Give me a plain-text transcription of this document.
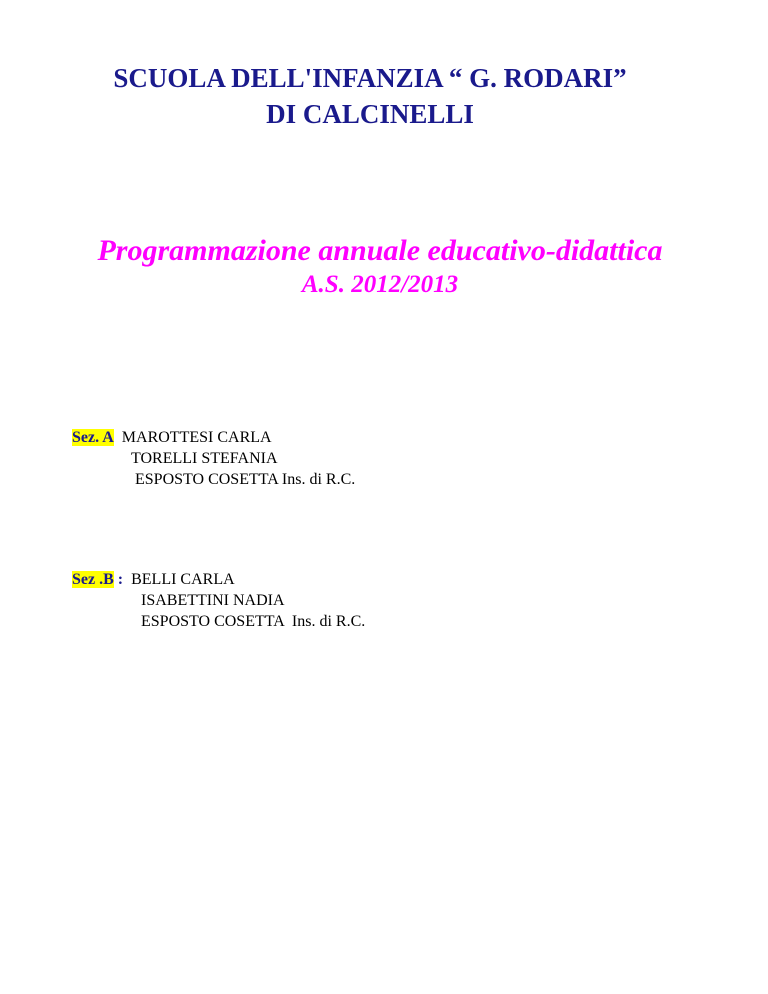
SCUOLA DELL'INFANZIA “ G. RODARI”
DI CALCINELLI
Programmazione annuale educativo-didattica
A.S. 2012/2013
Sez. A MAROTTESI CARLA
TORELLI STEFANIA
ESPOSTO COSETTA Ins. di R.C.
Sez .B : BELLI CARLA
ISABETTINI NADIA
ESPOSTO COSETTA  Ins. di R.C.
